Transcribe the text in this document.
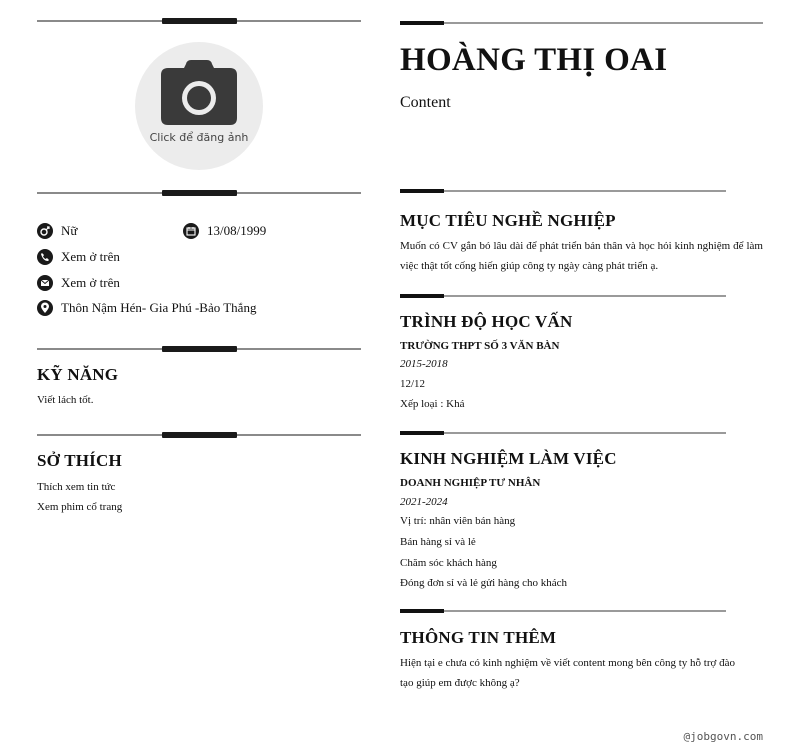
Click để đăng ảnh
Nữ	13/08/1999
Xem ở trên
Xem ở trên
Thôn Nậm Hén- Gia Phú -Bảo Thắng
KỸ NĂNG
Viết lách tốt.
SỞ THÍCH
Thích xem tin tức
Xem phim cổ trang
HOÀNG THỊ OAI
Content
MỤC TIÊU NGHỀ NGHIỆP
Muốn có CV gắn bó lâu dài để phát triển bản thân và học hỏi kinh nghiệm để làm việc thật tốt cống hiến giúp công ty ngày càng phát triển ạ.
TRÌNH ĐỘ HỌC VẤN
TRƯỜNG THPT SỐ 3 VĂN BÀN
2015-2018
12/12
Xếp loại : Khá
KINH NGHIỆM LÀM VIỆC
DOANH NGHIỆP TƯ NHÂN
2021-2024
Vị trí: nhân viên bán hàng
Bán hàng sỉ và lẻ
Chăm sóc khách hàng
Đóng đơn sỉ và lẻ gửi hàng cho khách
THÔNG TIN THÊM
Hiện tại e chưa có kinh nghiệm về viết content mong bên công ty hỗ trợ đào tạo giúp em được không ạ?
@jobgovn.com
